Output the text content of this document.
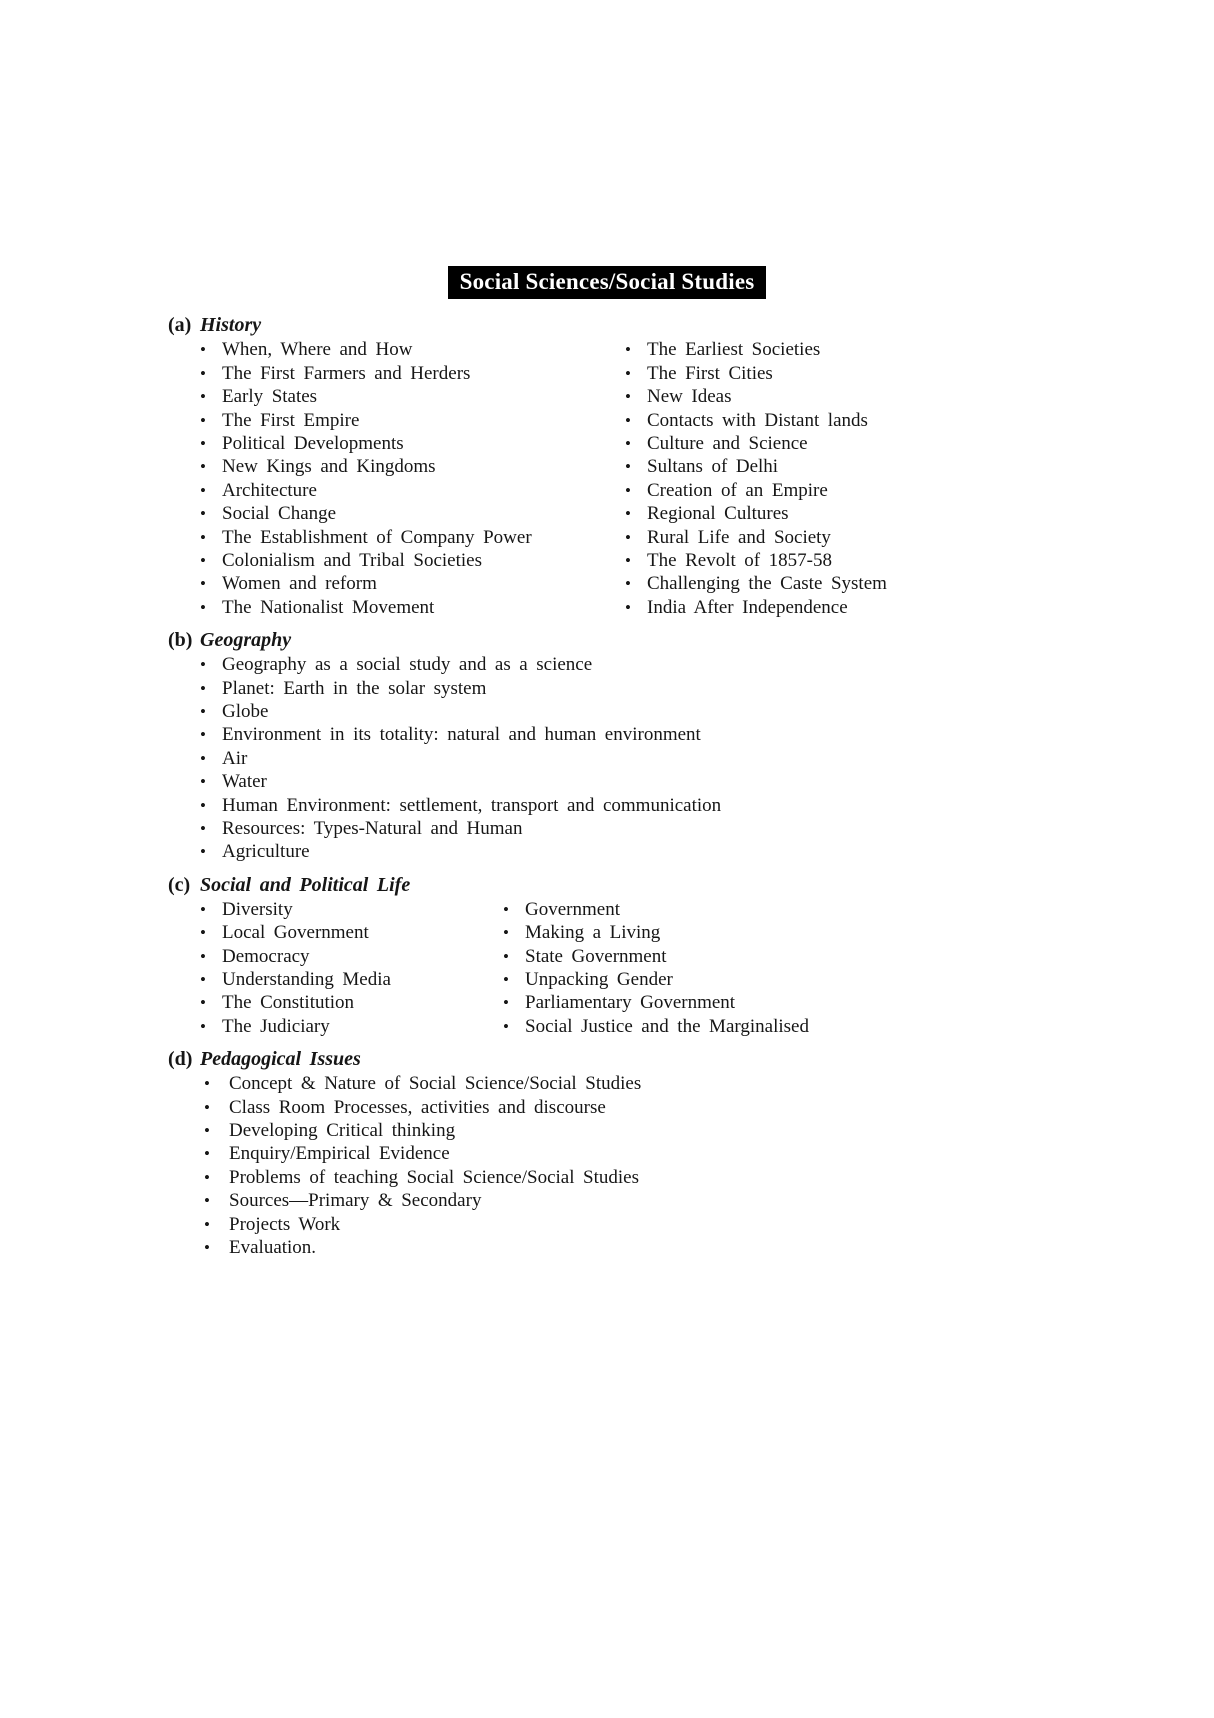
Social Sciences/Social Studies
(a) History
• When, Where and How
• The First Farmers and Herders
• Early States
• The First Empire
• Political Developments
• New Kings and Kingdoms
• Architecture
• Social Change
• The Establishment of Company Power
• Colonialism and Tribal Societies
• Women and reform
• The Nationalist Movement
• The Earliest Societies
• The First Cities
• New Ideas
• Contacts with Distant lands
• Culture and Science
• Sultans of Delhi
• Creation of an Empire
• Regional Cultures
• Rural Life and Society
• The Revolt of 1857-58
• Challenging the Caste System
• India After Independence
(b) Geography
• Geography as a social study and as a science
• Planet: Earth in the solar system
• Globe
• Environment in its totality: natural and human environment
• Air
• Water
• Human Environment: settlement, transport and communication
• Resources: Types-Natural and Human
• Agriculture
(c) Social and Political Life
• Diversity
• Local Government
• Democracy
• Understanding Media
• The Constitution
• The Judiciary
• Government
• Making a Living
• State Government
• Unpacking Gender
• Parliamentary Government
• Social Justice and the Marginalised
(d) Pedagogical Issues
•	Concept & Nature of Social Science/Social Studies
•	Class Room Processes, activities and discourse
•	Developing Critical thinking
•	Enquiry/Empirical Evidence
•	Problems of teaching Social Science/Social Studies
•	Sources—Primary & Secondary
•	Projects Work
•	Evaluation.
